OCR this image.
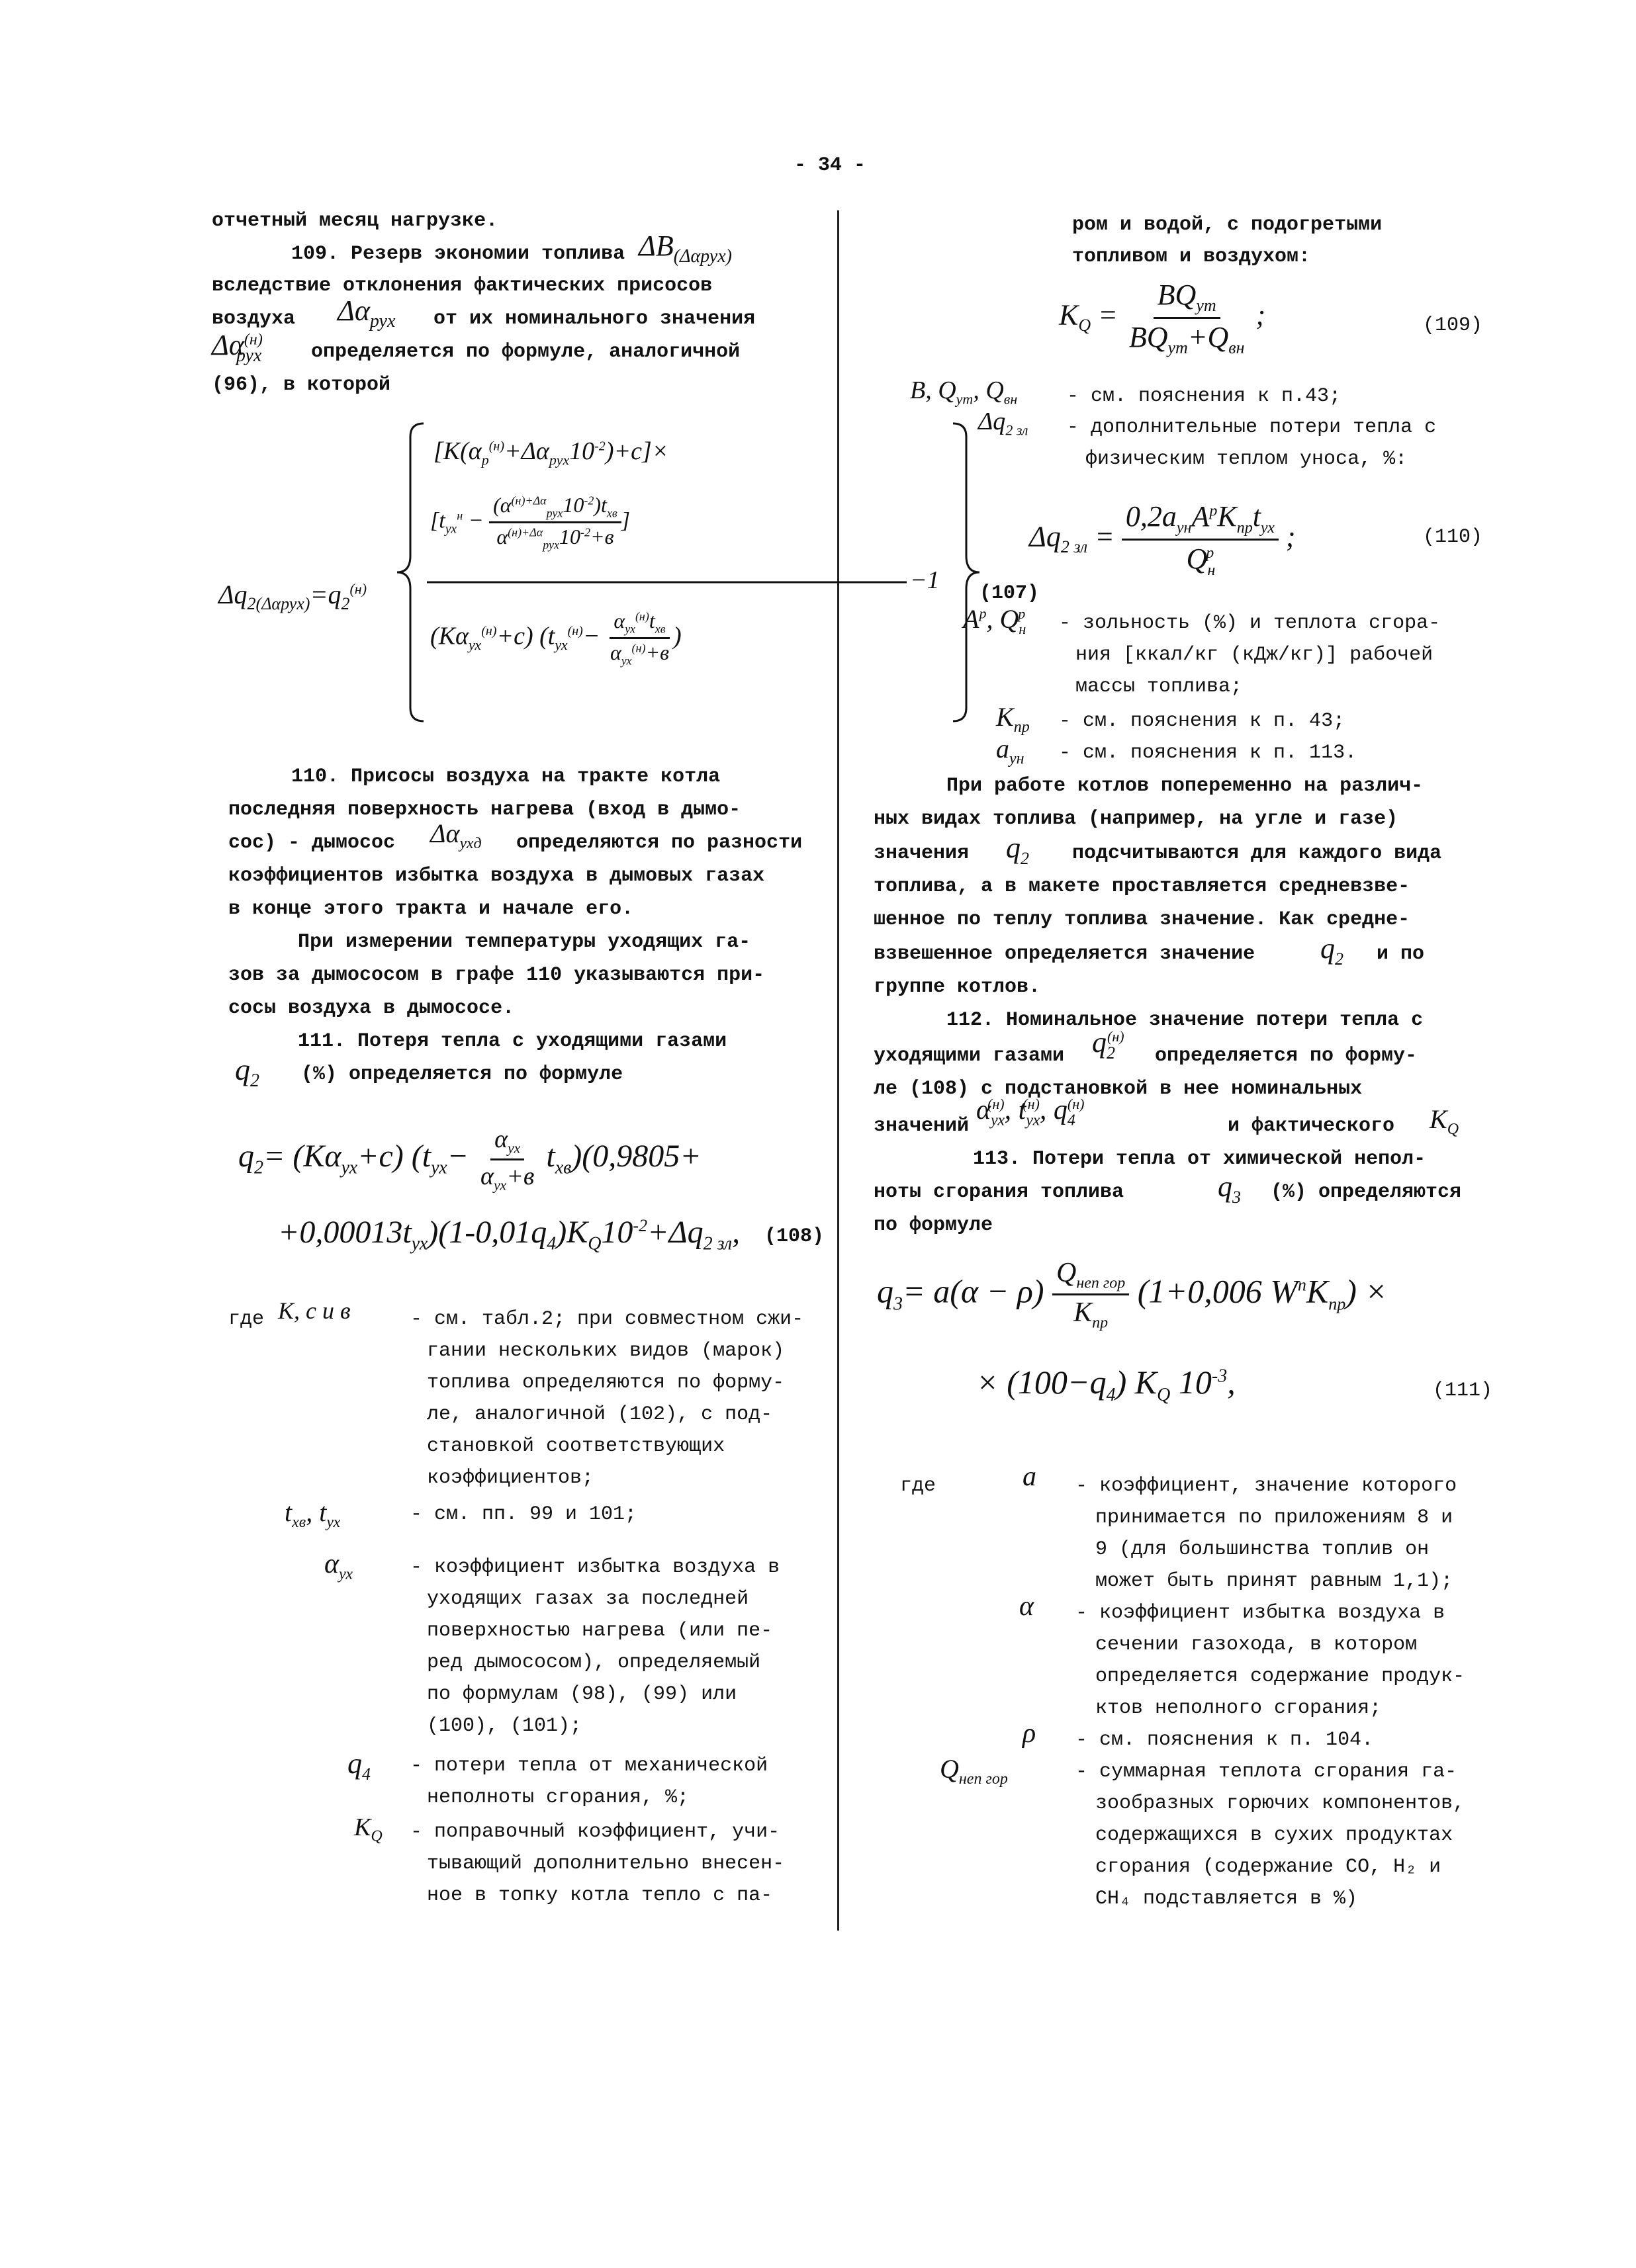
- 34 -
отчетный месяц нагрузке.
109. Резерв экономии топлива $\Delta B_{(\Delta\alpha руx)}$
вследствие отклонения фактических присосов
воздуха $\Delta\alpha_{руx}$ от их номинального значения
$\Delta\alpha^{(н)}_{руx}$ определяется по формуле, аналогичной
(96), в которой
$\Delta q_{2(\Delta\alpha руx)}=q_2^{(н)}$
$[K(\alpha_p^{(н)}+\Delta\alpha_{руx}10^{-2})+c]\times$
[$t_{ух}^н - \frac{(\alpha^{(н)+\Delta\alpha}_{руx}10^{-2})t_{xв}}{\alpha^{(н)+\Delta\alpha}_{руx}10^{-2}+в}$ ]
$(K\alpha_{ух}^{(н)}+c)$ ($t_{ух}^{(н)}- \frac{\alpha_{ух}^{(н)}t_{xв}}{\alpha_{ух}^{(н)}+в}$ )
−1 (107)
110. Присосы воздуха на тракте котла
последняя поверхность нагрева (вход в дымо-
сос) - дымосос $\Delta\alpha_{ухд}$ определяются по разности
коэффициентов избытка воздуха в дымовых газах
в конце этого тракта и начале его.
При измерении температуры уходящих га-
зов за дымососом в графе 110 указываются при-
сосы воздуха в дымососе.
111. Потеря тепла с уходящими газами
$q_2$ (%) определяется по формуле
$q_2= (K\alpha_{ух}+c)$ $(t_{ух}- \frac{\alpha_{ух}}{\alpha_{ух}+в} t_{xв})(0,9805+$
$+0,00013t_{ух})(1-0,01q_4)K_Q10^{-2}+\Delta q_{2 зл}$, (108)
где K, c и в	- см. табл.2; при совместном сжи-
гании нескольких видов (марок)
топлива определяются по форму-
ле, аналогичной (102), с под-
становкой соответствующих
коэффициентов;
$t_{xв}$, $t_{ух}$	- см. пп. 99 и 101;
$\alpha_{ух}$	- коэффициент избытка воздуха в
уходящих газах за последней
поверхностью нагрева (или пе-
ред дымососом), определяемый
по формулам (98), (99) или
(100), (101);
$q_4$ - потери тепла от механической
неполноты сгорания, %;
$K_Q$ - поправочный коэффициент, учи-
тывающий дополнительно внесен-
ное в топку котла тепло с па-
ром и водой, с подогретыми
топливом и воздухом:
$K_Q = \frac{BQ_{ут}}{BQ_{ут}+Q_{вн}}$ ;	(109)
B, $Q_{ут}$, $Q_{вн}$ - см. пояснения к п.43;
$\Delta q_{2 зл}$ - дополнительные потери тепла с
физическим теплом уноса, %:
$\Delta q_{2 зл} = \frac{0,2a_{ун}A^pK_{пр}t_{ух}}{Q_н^p}$ ;	(110)
$A^p$, $Q_н^p$ - зольность (%) и теплота сгора-
ния [ккал/кг (кДж/кг)] рабочей
массы топлива;
$K_{пр}$ - см. пояснения к п. 43;
$a_{ун}$ - см. пояснения к п. 113.
При работе котлов попеременно на различ-
ных видах топлива (например, на угле и газе)
значения $q_2$ подсчитываются для каждого вида
топлива, а в макете проставляется средневзве-
шенное по теплу топлива значение. Как средне-
взвешенное определяется значение $q_2$ и по
группе котлов.
112. Номинальное значение потери тепла с
уходящими газами $q_2^{(н)}$
определяется по форму-
ле (108) с подстановкой в нее номинальных
значений
$\alpha_{ух}^{(н)}$, $t_{ух}^{(н)}$, $q_4^{(н)}$
и фактического $K_Q$
113. Потери тепла от химической непол-
ноты сгорания топлива	$q_3$ (%) определяются
по формуле
$q_3= a(\alpha - \rho) \frac{Q_{неп гор}}{K_{пр}} (1+0,006$ $W^nK_{пр}$) ×
× $(100-q_4)$ $K_Q$ $10^{-3}$,	(111)
где	a - коэффициент, значение которого
принимается по приложениям 8 и
9 (для большинства топлив он
может быть принят равным 1,1);
α - коэффициент избытка воздуха в
сечении газохода, в котором
определяется содержание продук-
ктов неполного сгорания;
ρ - см. пояснения к п. 104.
$Q_{неп гор}$	- суммарная теплота сгорания га-
зообразных горючих компонентов,
содержащихся в сухих продуктах
сгорания (содержание CO, H₂ и
CH₄ подставляется в %)
